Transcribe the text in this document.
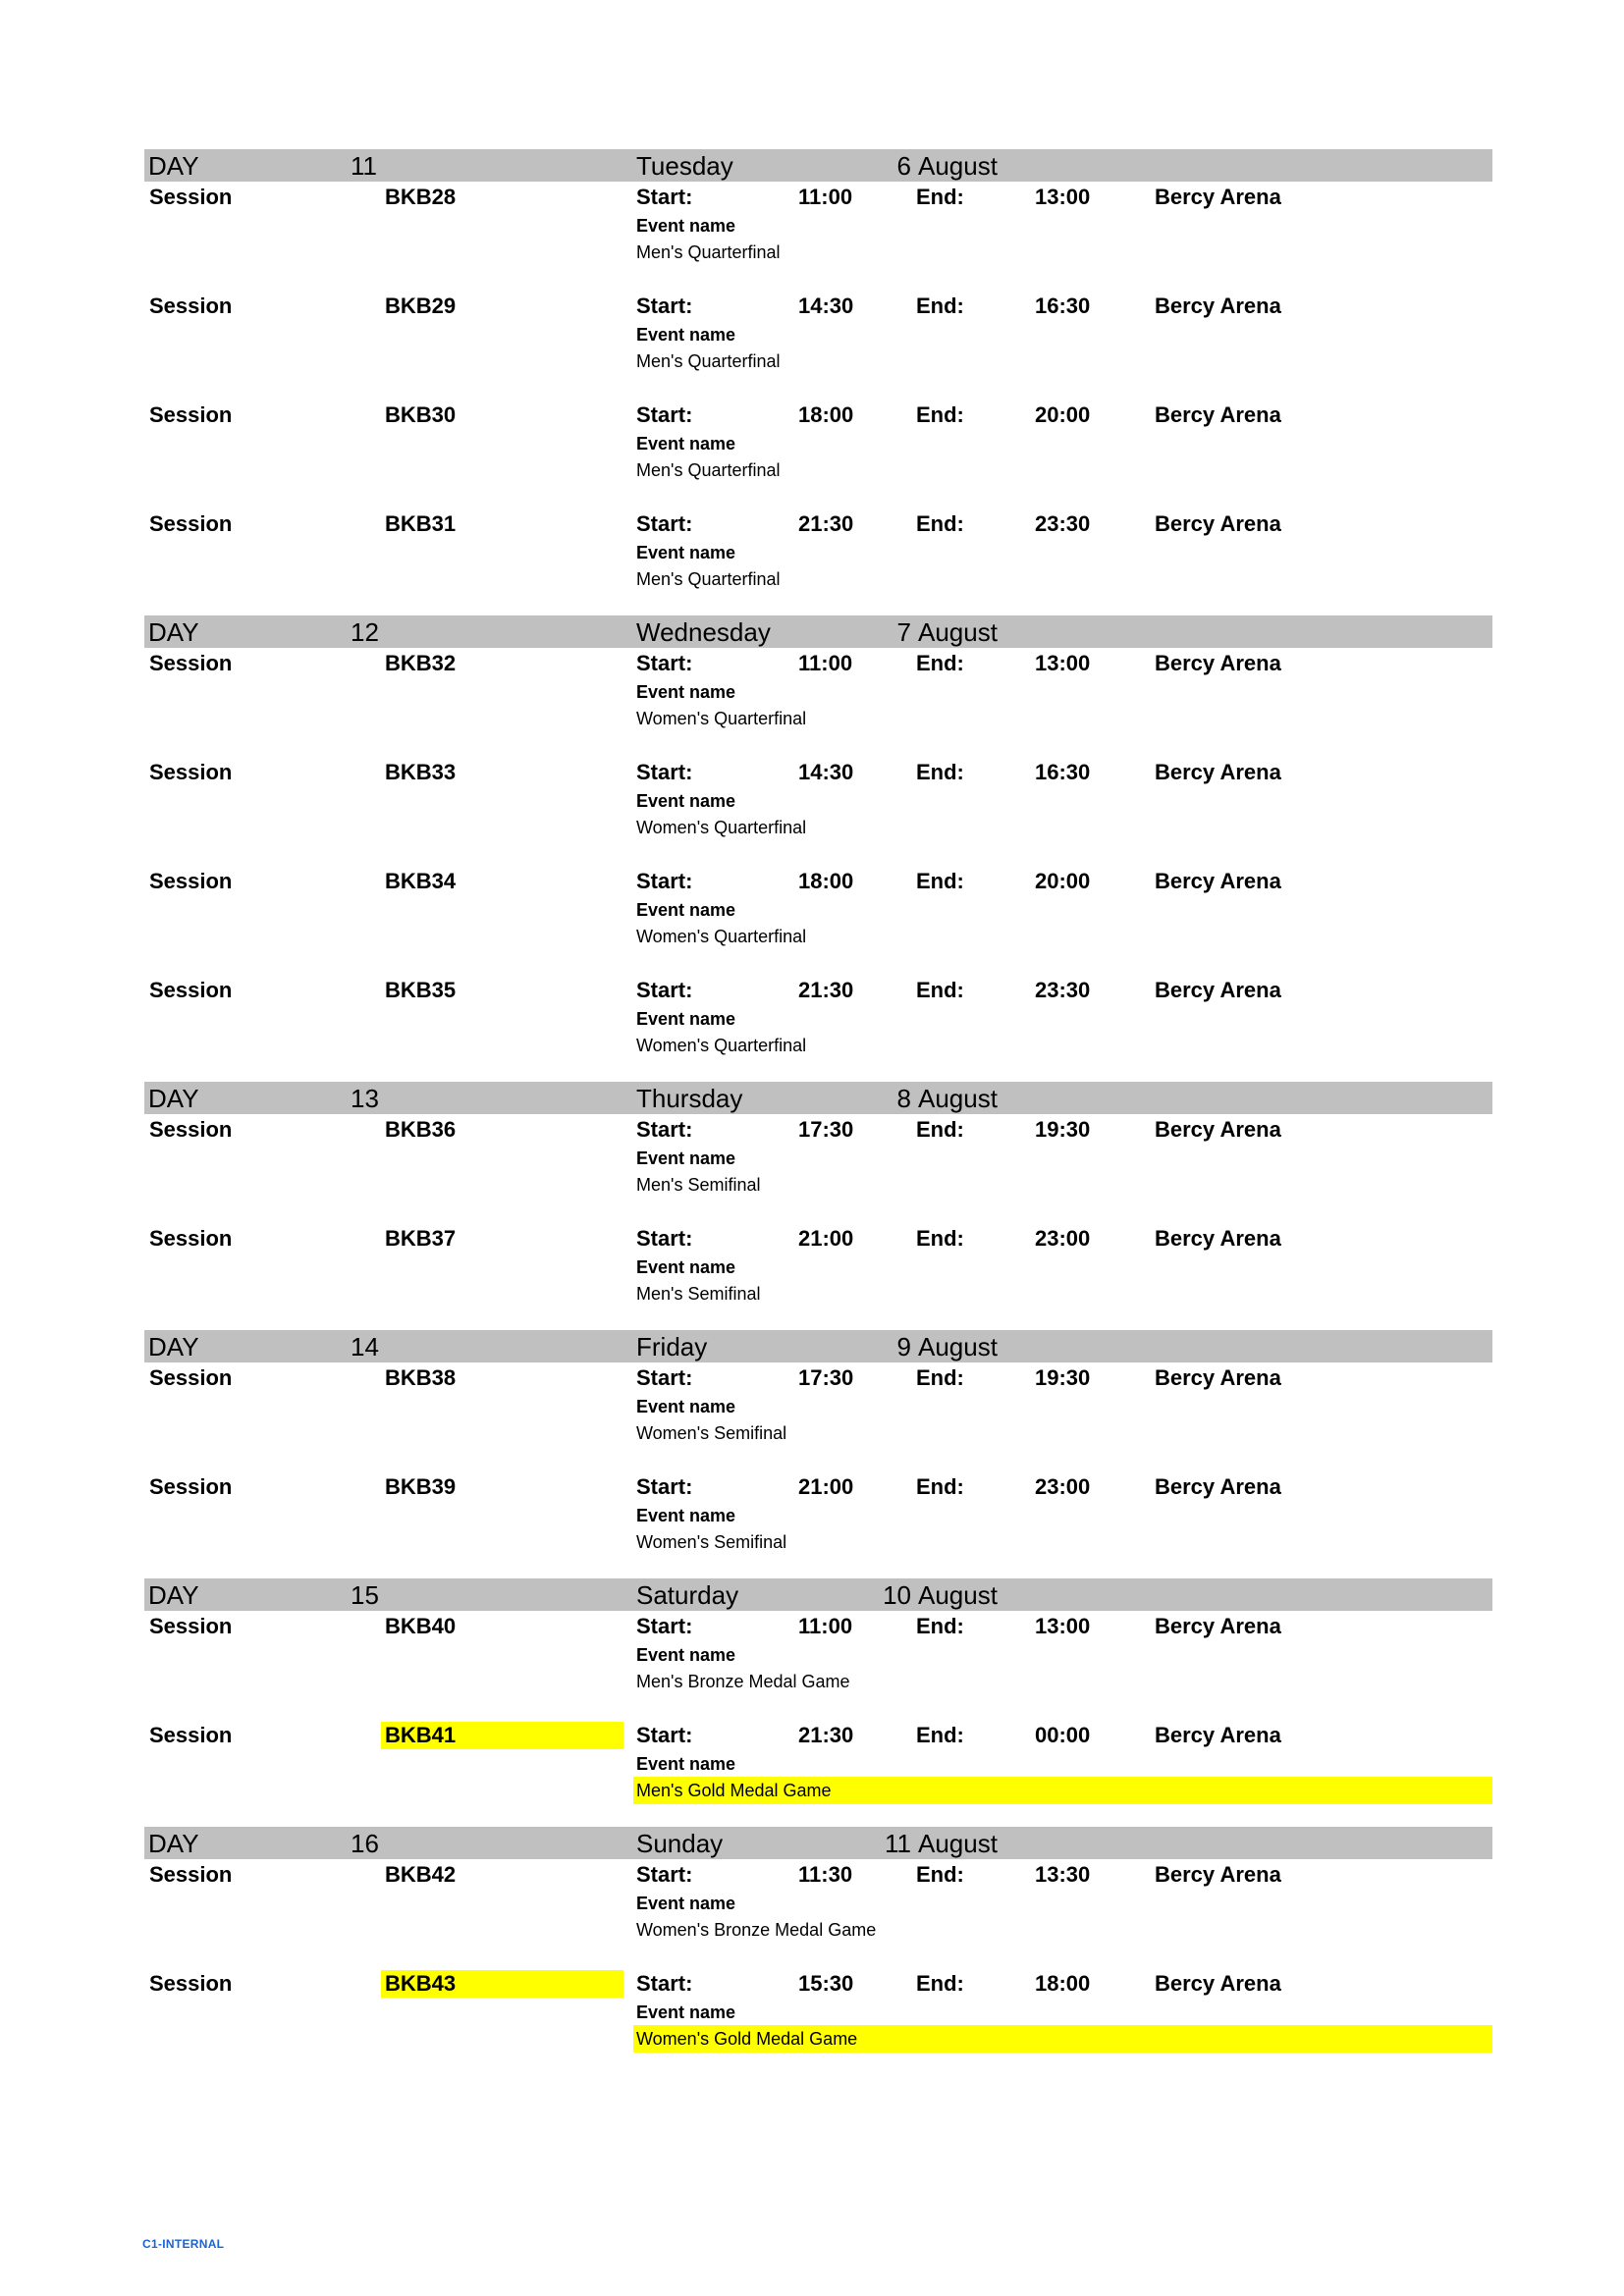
DAY	11	Tuesday	6 August
Session	BKB28	Start:	11:00	End:	13:00	Bercy Arena
Event name
Men's Quarterfinal
Session	BKB29	Start:	14:30	End:	16:30	Bercy Arena
Event name
Men's Quarterfinal
Session	BKB30	Start:	18:00	End:	20:00	Bercy Arena
Event name
Men's Quarterfinal
Session	BKB31	Start:	21:30	End:	23:30	Bercy Arena
Event name
Men's Quarterfinal
DAY	12	Wednesday	7 August
Session	BKB32	Start:	11:00	End:	13:00	Bercy Arena
Event name
Women's Quarterfinal
Session	BKB33	Start:	14:30	End:	16:30	Bercy Arena
Event name
Women's Quarterfinal
Session	BKB34	Start:	18:00	End:	20:00	Bercy Arena
Event name
Women's Quarterfinal
Session	BKB35	Start:	21:30	End:	23:30	Bercy Arena
Event name
Women's Quarterfinal
DAY	13	Thursday	8 August
Session	BKB36	Start:	17:30	End:	19:30	Bercy Arena
Event name
Men's Semifinal
Session	BKB37	Start:	21:00	End:	23:00	Bercy Arena
Event name
Men's Semifinal
DAY	14	Friday	9 August
Session	BKB38	Start:	17:30	End:	19:30	Bercy Arena
Event name
Women's Semifinal
Session	BKB39	Start:	21:00	End:	23:00	Bercy Arena
Event name
Women's Semifinal
DAY	15	Saturday	10 August
Session	BKB40	Start:	11:00	End:	13:00	Bercy Arena
Event name
Men's Bronze Medal Game
Session	BKB41	Start:	21:30	End:	00:00	Bercy Arena
Event name
Men's Gold Medal Game
DAY	16	Sunday	11 August
Session	BKB42	Start:	11:30	End:	13:30	Bercy Arena
Event name
Women's Bronze Medal Game
Session	BKB43	Start:	15:30	End:	18:00	Bercy Arena
Event name
Women's Gold Medal Game
C1-INTERNAL
